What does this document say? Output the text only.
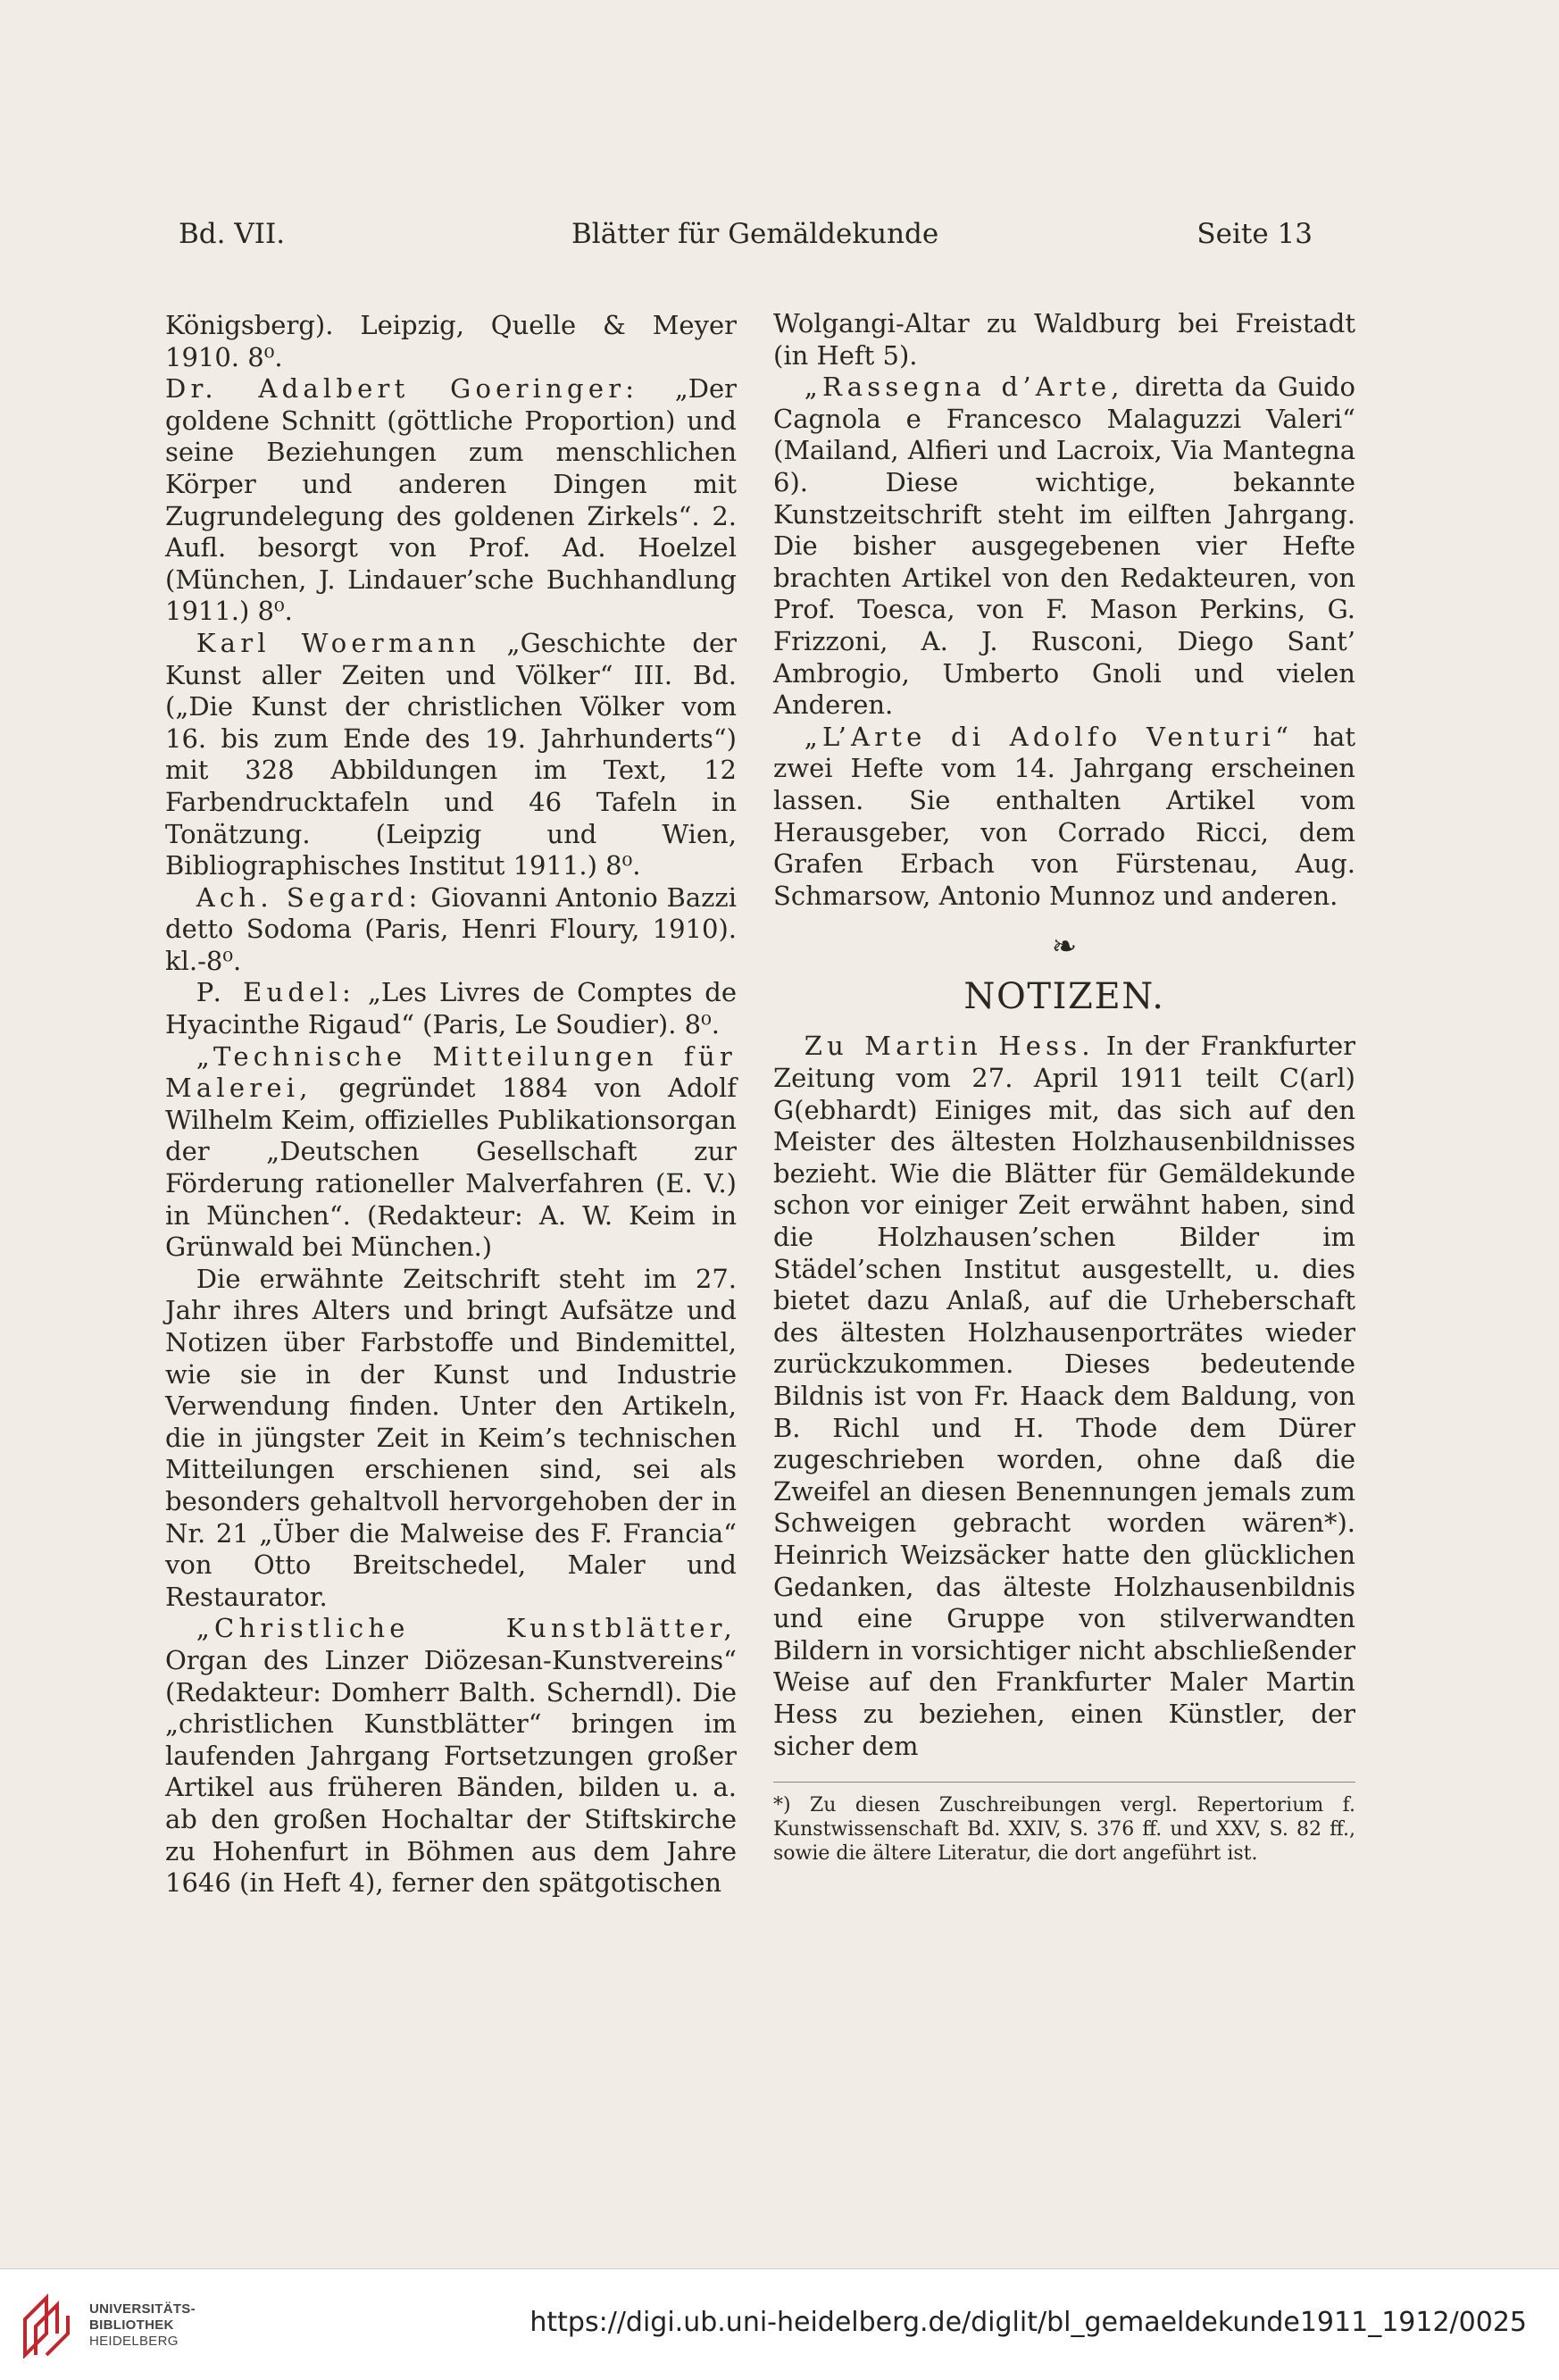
Bd. VII.	Blätter für Gemäldekunde	Seite 13

Königsberg). Leipzig, Quelle & Meyer 1910. 8⁰.

Dr. Adalbert Goeringer: „Der goldene Schnitt (göttliche Proportion) und seine Beziehungen zum menschlichen Körper und anderen Dingen mit Zugrundelegung des goldenen Zirkels“. 2. Aufl. besorgt von Prof. Ad. Hoelzel (München, J. Lindauer’sche Buchhandlung 1911.) 8⁰.

Karl Woermann „Geschichte der Kunst aller Zeiten und Völker“ III. Bd. („Die Kunst der christlichen Völker vom 16. bis zum Ende des 19. Jahrhunderts“) mit 328 Abbildungen im Text, 12 Farbendrucktafeln und 46 Tafeln in Tonätzung. (Leipzig und Wien, Bibliographisches Institut 1911.) 8⁰.

Ach. Segard: Giovanni Antonio Bazzi detto Sodoma (Paris, Henri Floury, 1910). kl.-8⁰.

P. Eudel: „Les Livres de Comptes de Hyacinthe Rigaud“ (Paris, Le Soudier). 8⁰.

„Technische Mitteilungen für Malerei, gegründet 1884 von Adolf Wilhelm Keim, offizielles Publikationsorgan der „Deutschen Gesellschaft zur Förderung rationeller Malverfahren (E. V.) in München“. (Redakteur: A. W. Keim in Grünwald bei München.)

Die erwähnte Zeitschrift steht im 27. Jahr ihres Alters und bringt Aufsätze und Notizen über Farbstoffe und Bindemittel, wie sie in der Kunst und Industrie Verwendung finden. Unter den Artikeln, die in jüngster Zeit in Keim’s technischen Mitteilungen erschienen sind, sei als besonders gehaltvoll hervorgehoben der in Nr. 21 „Über die Malweise des F. Francia“ von Otto Breitschedel, Maler und Restaurator.

„Christliche Kunstblätter, Organ des Linzer Diözesan-Kunstvereins“ (Redakteur: Domherr Balth. Scherndl). Die „christlichen Kunstblätter“ bringen im laufenden Jahrgang Fortsetzungen großer Artikel aus früheren Bänden, bilden u. a. ab den großen Hochaltar der Stiftskirche zu Hohenfurt in Böhmen aus dem Jahre 1646 (in Heft 4), ferner den spätgotischen

Wolgangi-Altar zu Waldburg bei Freistadt (in Heft 5).

„Rassegna d’Arte, diretta da Guido Cagnola e Francesco Malaguzzi Valeri“ (Mailand, Alfieri und Lacroix, Via Mantegna 6). Diese wichtige, bekannte Kunstzeitschrift steht im eilften Jahrgang. Die bisher ausgegebenen vier Hefte brachten Artikel von den Redakteuren, von Prof. Toesca, von F. Mason Perkins, G. Frizzoni, A. J. Rusconi, Diego Sant’ Ambrogio, Umberto Gnoli und vielen Anderen.

„L’Arte di Adolfo Venturi“ hat zwei Hefte vom 14. Jahrgang erscheinen lassen. Sie enthalten Artikel vom Herausgeber, von Corrado Ricci, dem Grafen Erbach von Fürstenau, Aug. Schmarsow, Antonio Munnoz und anderen.

❧
NOTIZEN.

Zu Martin Hess. In der Frankfurter Zeitung vom 27. April 1911 teilt C(arl) G(ebhardt) Einiges mit, das sich auf den Meister des ältesten Holzhausenbildnisses bezieht. Wie die Blätter für Gemäldekunde schon vor einiger Zeit erwähnt haben, sind die Holzhausen’schen Bilder im Städel’schen Institut ausgestellt, u. dies bietet dazu Anlaß, auf die Urheberschaft des ältesten Holzhausenporträtes wieder zurückzukommen. Dieses bedeutende Bildnis ist von Fr. Haack dem Baldung, von B. Richl und H. Thode dem Dürer zugeschrieben worden, ohne daß die Zweifel an diesen Benennungen jemals zum Schweigen gebracht worden wären*). Heinrich Weizsäcker hatte den glücklichen Gedanken, das älteste Holzhausenbildnis und eine Gruppe von stilverwandten Bildern in vorsichtiger nicht abschließender Weise auf den Frankfurter Maler Martin Hess zu beziehen, einen Künstler, der sicher dem

*) Zu diesen Zuschreibungen vergl. Repertorium f. Kunstwissenschaft Bd. XXIV, S. 376 ff. und XXV, S. 82 ff., sowie die ältere Literatur, die dort angeführt ist.
UNIVERSITÄTS-
BIBLIOTHEK
HEIDELBERG
https://digi.ub.uni-heidelberg.de/diglit/bl_gemaeldekunde1911_1912/0025
